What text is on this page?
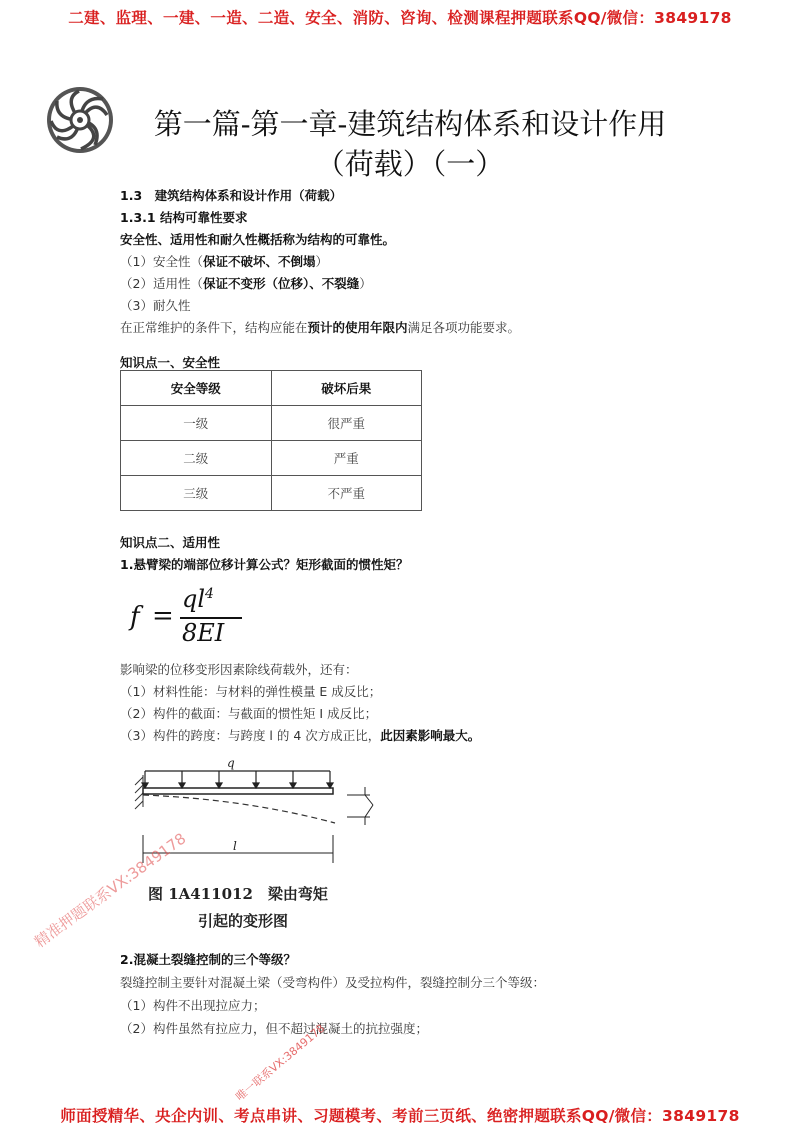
二建、监理、一建、一造、二造、安全、消防、咨询、检测课程押题联系QQ/微信：3849178
第一篇-第一章-建筑结构体系和设计作用
（荷载）（一）
1.3　建筑结构体系和设计作用（荷载）
1.3.1 结构可靠性要求
安全性、适用性和耐久性概括称为结构的可靠性。
（1）安全性（保证不破坏、不倒塌）
（2）适用性（保证不变形（位移）、不裂缝）
（3）耐久性
在正常维护的条件下，结构应能在预计的使用年限内满足各项功能要求。
知识点一、安全性
安全等级	破坏后果
一级	很严重
二级	严重
三级	不严重
知识点二、适用性
1.悬臂梁的端部位移计算公式？矩形截面的惯性矩？
f =
$ql^4$
8EI
影响梁的位移变形因素除线荷载外，还有：
（1）材料性能：与材料的弹性模量 E 成反比；
（2）构件的截面：与截面的惯性矩 I 成反比；
（3）构件的跨度：与跨度 l 的 4 次方成正比，此因素影响最大。
q
l
图 1A411012　梁由弯矩
引起的变形图
2.混凝土裂缝控制的三个等级？
裂缝控制主要针对混凝土梁（受弯构件）及受拉构件，裂缝控制分三个等级：
（1）构件不出现拉应力；
（2）构件虽然有拉应力，但不超过混凝土的抗拉强度；
精准押题联系VX:3849178
唯一联系VX:3849178
师面授精华、央企内训、考点串讲、习题模考、考前三页纸、绝密押题联系QQ/微信：3849178
